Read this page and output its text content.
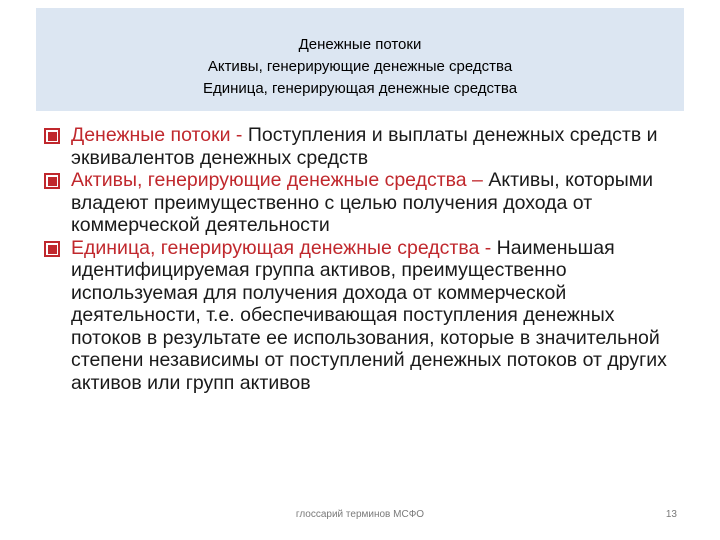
Денежные потоки
Активы, генерирующие денежные средства
Единица, генерирующая денежные средства
Денежные потоки - Поступления и выплаты денежных средств и эквивалентов денежных средств
Активы, генерирующие денежные средства – Активы, которыми владеют преимущественно с целью получения дохода от коммерческой деятельности
Единица, генерирующая денежные средства - Наименьшая идентифицируемая группа активов, преимущественно используемая для получения дохода от коммерческой деятельности, т.е. обеспечивающая поступления денежных потоков в результате ее использования, которые в значительной степени независимы от поступлений денежных потоков от других активов или групп активов
глоссарий терминов МСФО	13
